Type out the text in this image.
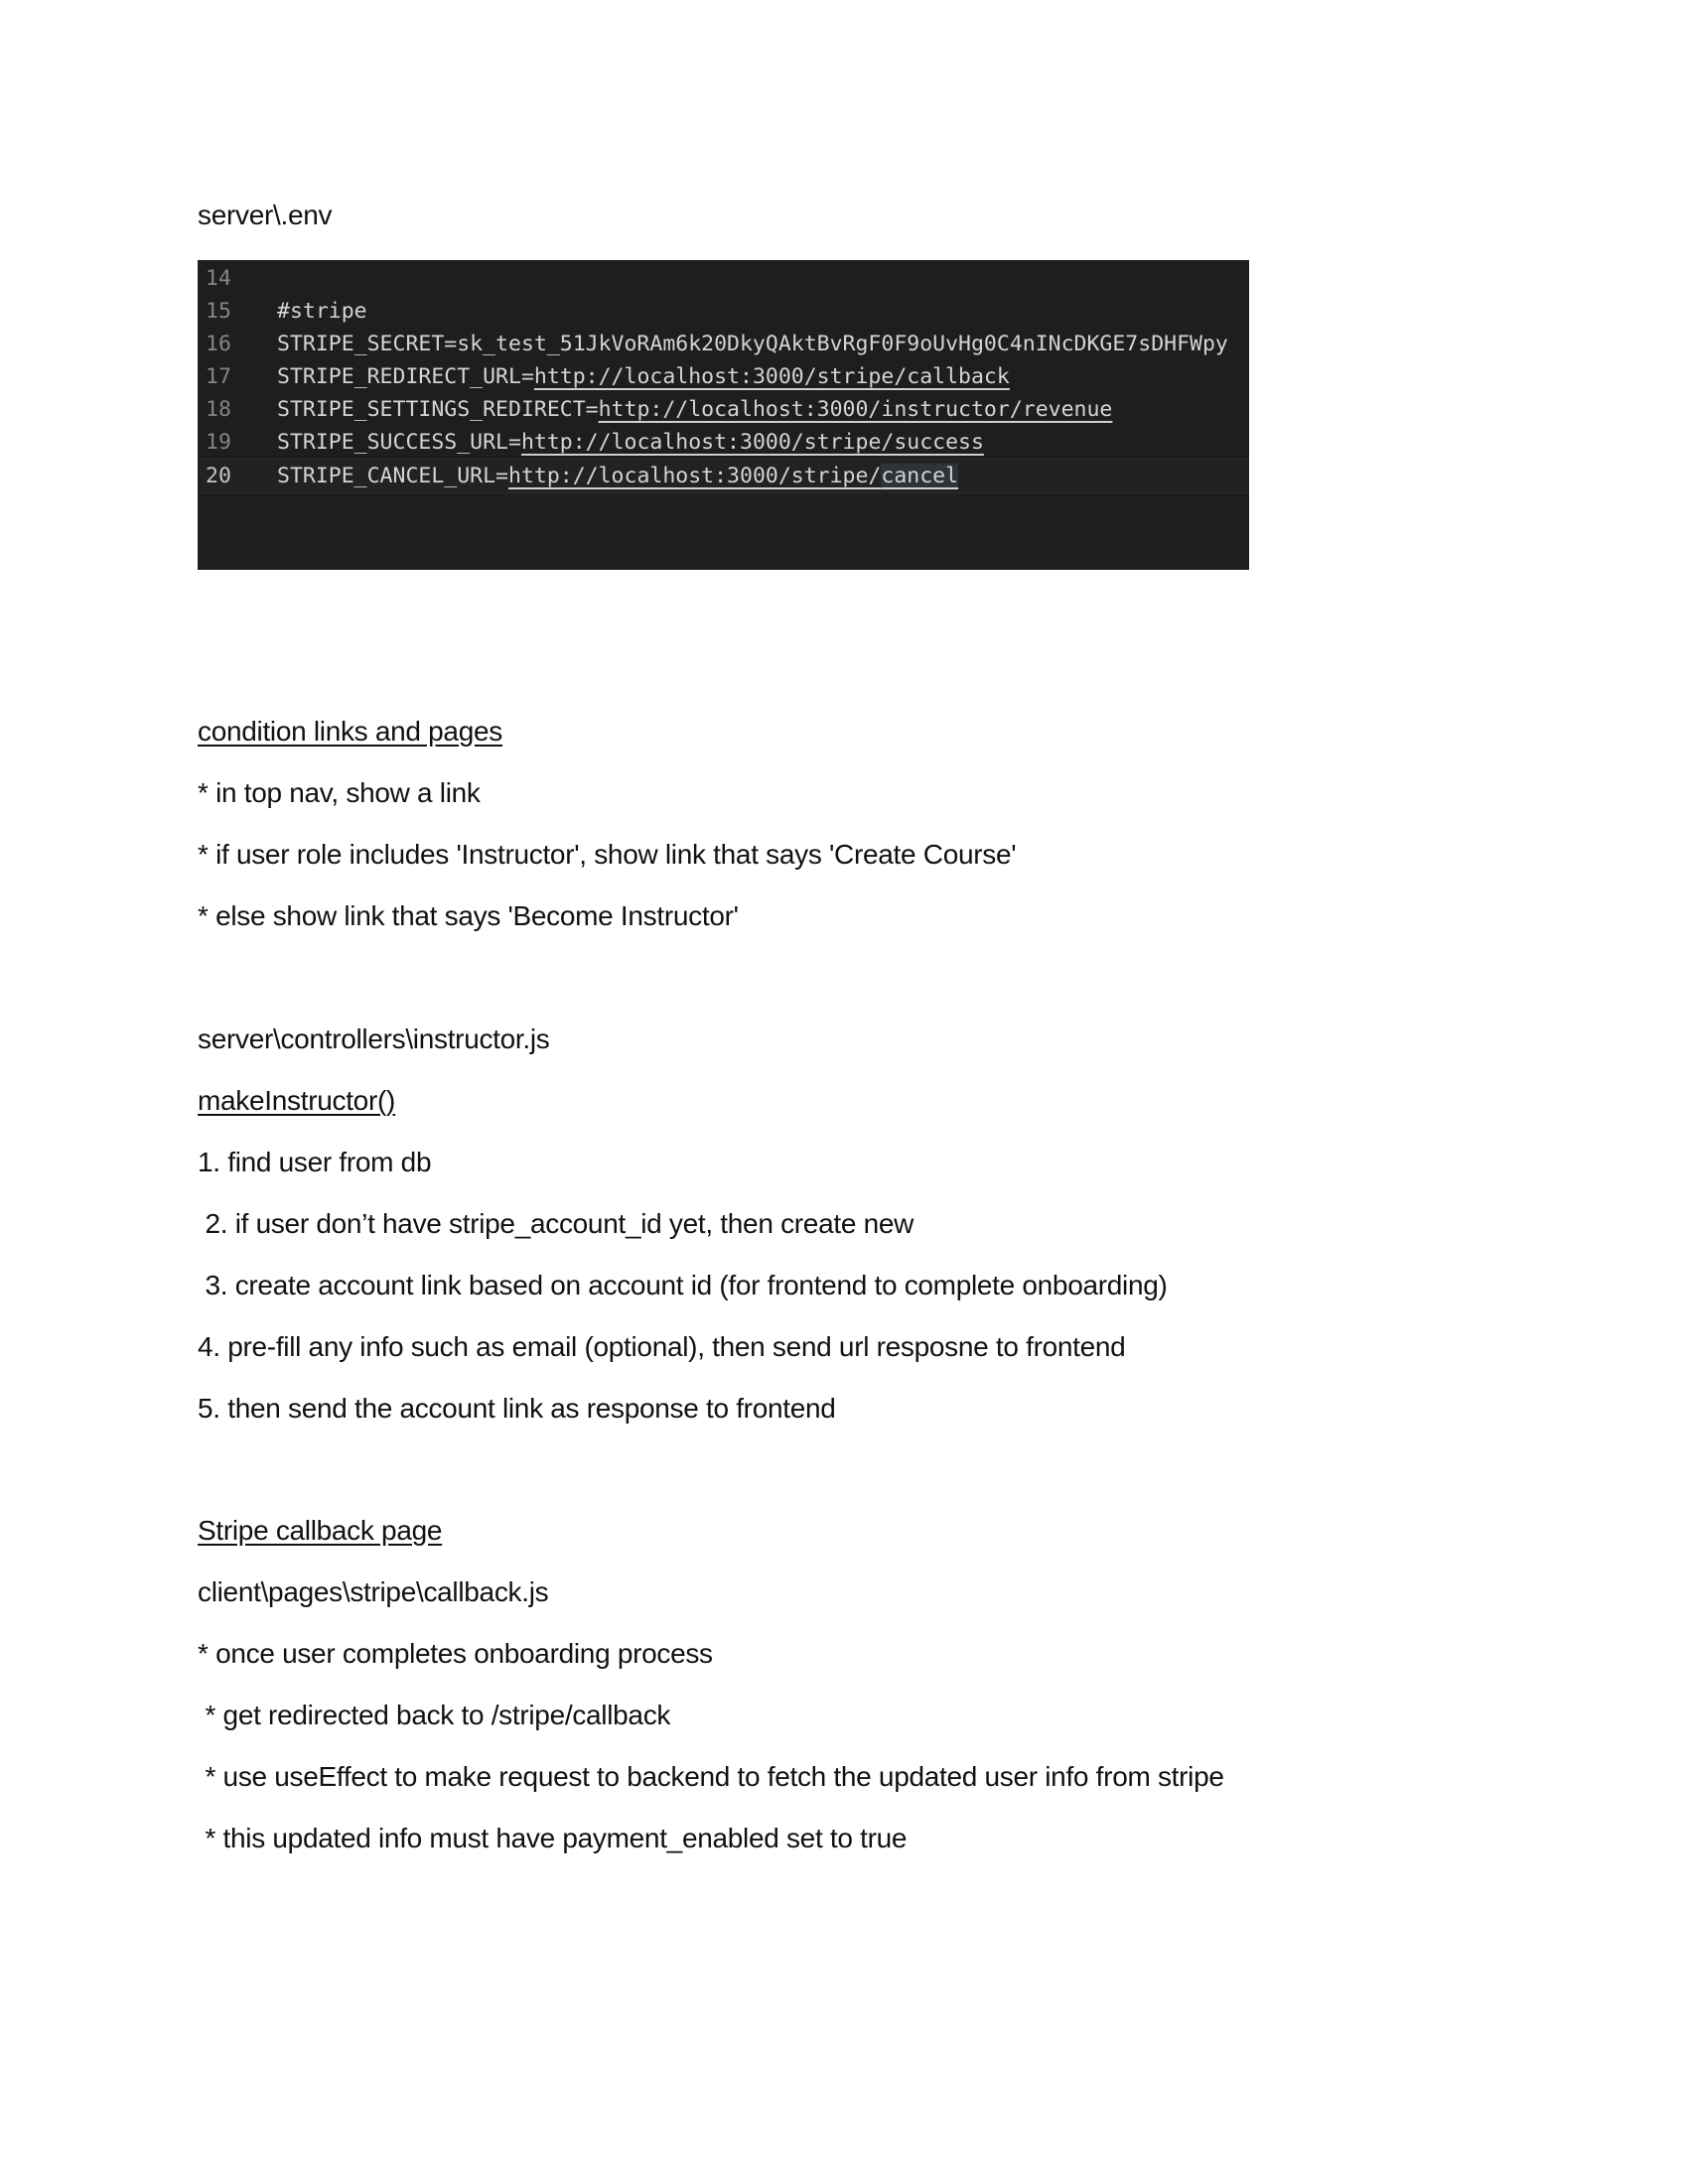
server\.env
14
15	#stripe
16	STRIPE_SECRET=sk_test_51JkVoRAm6k20DkyQAktBvRgF0F9oUvHg0C4nINcDKGE7sDHFWpy
17	STRIPE_REDIRECT_URL=http://localhost:3000/stripe/callback
18	STRIPE_SETTINGS_REDIRECT=http://localhost:3000/instructor/revenue
19	STRIPE_SUCCESS_URL=http://localhost:3000/stripe/success
20	STRIPE_CANCEL_URL=http://localhost:3000/stripe/cancel
condition links and pages
* in top nav, show a link
* if user role includes 'Instructor', show link that says 'Create Course'
* else show link that says 'Become Instructor'
server\controllers\instructor.js
makeInstructor()
1. find user from db
2. if user don’t have stripe_account_id yet, then create new
3. create account link based on account id (for frontend to complete onboarding)
4. pre-fill any info such as email (optional), then send url resposne to frontend
5. then send the account link as response to frontend
Stripe callback page
client\pages\stripe\callback.js
* once user completes onboarding process
* get redirected back to /stripe/callback
* use useEffect to make request to backend to fetch the updated user info from stripe
* this updated info must have payment_enabled set to true
